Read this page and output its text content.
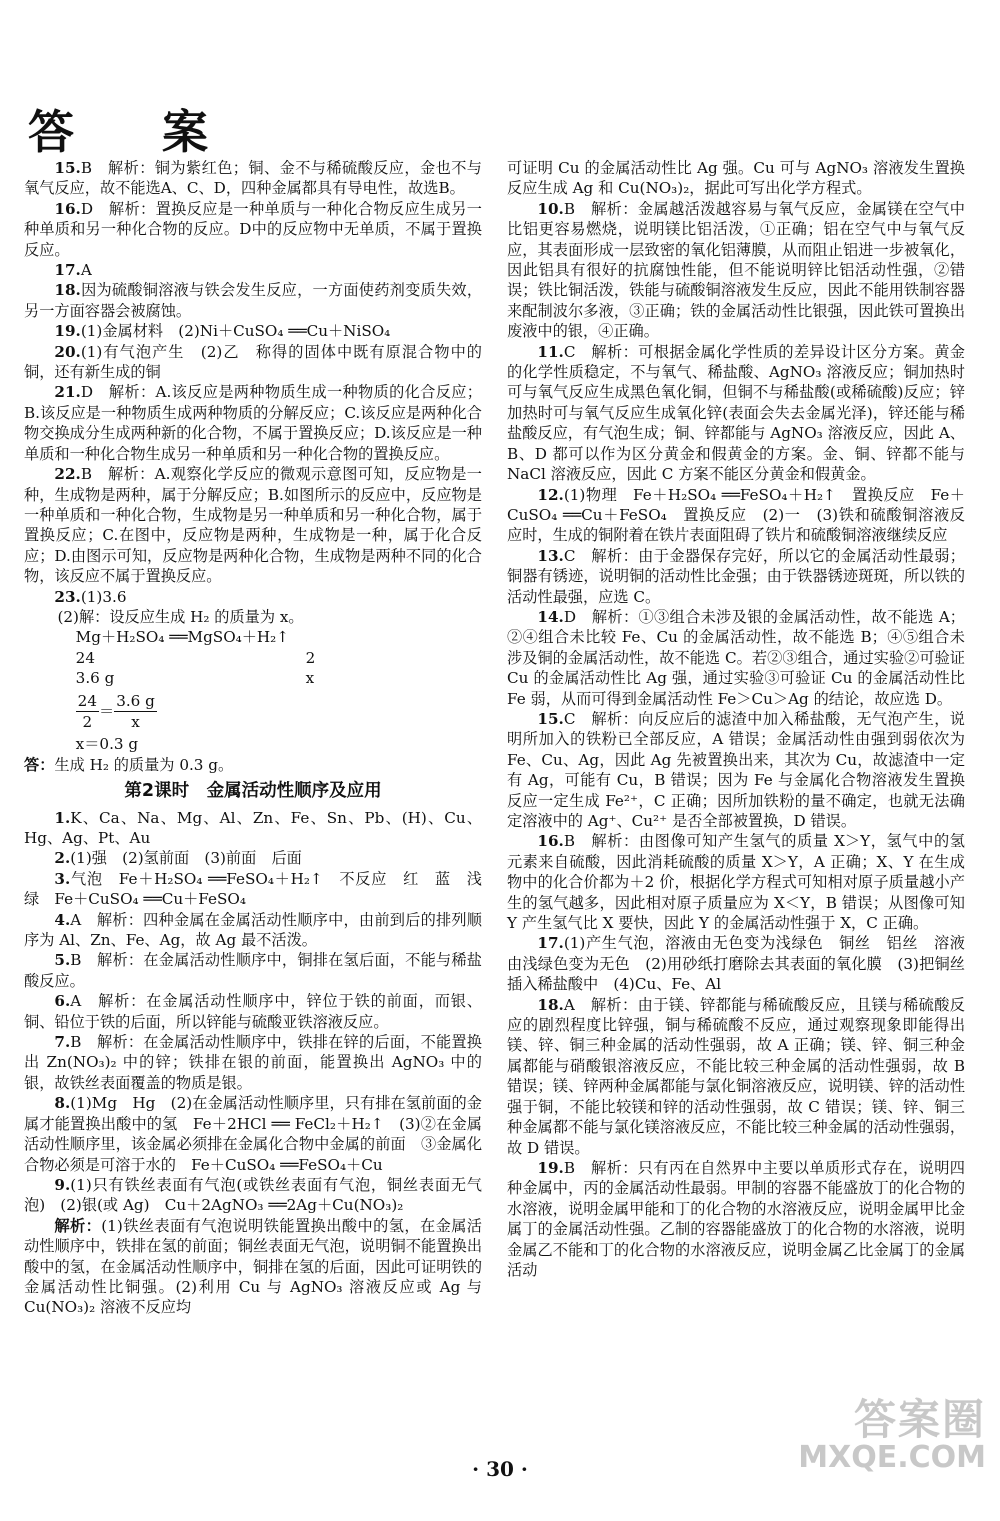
答 案

15.B　解析：铜为紫红色；铜、金不与稀硫酸反应，金也不与氧气反应，故不能选A、C、D，四种金属都具有导电性，故选B。

16.D　解析：置换反应是一种单质与一种化合物反应生成另一种单质和另一种化合物的反应。D中的反应物中无单质，不属于置换反应。

17.A

18.因为硫酸铜溶液与铁会发生反应，一方面使药剂变质失效，另一方面容器会被腐蚀。

19.(1)金属材料　(2)Ni＋CuSO₄ ══Cu＋NiSO₄

20.(1)有气泡产生　(2)乙　称得的固体中既有原混合物中的铜，还有新生成的铜

21.D　解析：A.该反应是两种物质生成一种物质的化合反应；B.该反应是一种物质生成两种物质的分解反应；C.该反应是两种化合物交换成分生成两种新的化合物，不属于置换反应；D.该反应是一种单质和一种化合物生成另一种单质和另一种化合物的置换反应。

22.B　解析：A.观察化学反应的微观示意图可知，反应物是一种，生成物是两种，属于分解反应；B.如图所示的反应中，反应物是一种单质和一种化合物，生成物是另一种单质和另一种化合物，属于置换反应；C.在图中，反应物是两种，生成物是一种，属于化合反应；D.由图示可知，反应物是两种化合物，生成物是两种不同的化合物，该反应不属于置换反应。

23.(1)3.6

(2)解：设反应生成 H₂ 的质量为 x。

Mg＋H₂SO₄ ══MgSO₄＋H₂↑
24	2
3.6 g	x
$\frac{24}{2} = \frac{3.6 g}{x}$
x＝0.3 g

答：生成 H₂ 的质量为 0.3 g。

第2课时　金属活动性顺序及应用

1.K、Ca、Na、Mg、Al、Zn、Fe、Sn、Pb、(H)、Cu、Hg、Ag、Pt、Au

2.(1)强　(2)氢前面　(3)前面　后面

3.气泡　Fe＋H₂SO₄ ══FeSO₄＋H₂↑　不反应　红　蓝　浅绿　Fe＋CuSO₄ ══Cu＋FeSO₄

4.A　解析：四种金属在金属活动性顺序中，由前到后的排列顺序为 Al、Zn、Fe、Ag，故 Ag 最不活泼。

5.B　解析：在金属活动性顺序中，铜排在氢后面，不能与稀盐酸反应。

6.A　解析：在金属活动性顺序中，锌位于铁的前面，而银、铜、铅位于铁的后面，所以锌能与硫酸亚铁溶液反应。

7.B　解析：在金属活动性顺序中，铁排在锌的后面，不能置换出 Zn(NO₃)₂ 中的锌；铁排在银的前面，能置换出 AgNO₃ 中的银，故铁丝表面覆盖的物质是银。

8.(1)Mg　Hg　(2)在金属活动性顺序里，只有排在氢前面的金属才能置换出酸中的氢　Fe＋2HCl ══ FeCl₂＋H₂↑　(3)②在金属活动性顺序里，该金属必须排在金属化合物中金属的前面　③金属化合物必须是可溶于水的　Fe＋CuSO₄ ══FeSO₄＋Cu

9.(1)只有铁丝表面有气泡(或铁丝表面有气泡，铜丝表面无气泡)　(2)银(或 Ag)　Cu＋2AgNO₃ ══2Ag＋Cu(NO₃)₂

解析：(1)铁丝表面有气泡说明铁能置换出酸中的氢，在金属活动性顺序中，铁排在氢的前面；铜丝表面无气泡，说明铜不能置换出酸中的氢，在金属活动性顺序中，铜排在氢的后面，因此可证明铁的金属活动性比铜强。(2)利用 Cu 与 AgNO₃ 溶液反应或 Ag 与 Cu(NO₃)₂ 溶液不反应均

可证明 Cu 的金属活动性比 Ag 强。Cu 可与 AgNO₃ 溶液发生置换反应生成 Ag 和 Cu(NO₃)₂，据此可写出化学方程式。

10.B　解析：金属越活泼越容易与氧气反应，金属镁在空气中比铝更容易燃烧，说明镁比铝活泼，①正确；铝在空气中与氧气反应，其表面形成一层致密的氧化铝薄膜，从而阻止铝进一步被氧化，因此铝具有很好的抗腐蚀性能，但不能说明锌比铝活动性强，②错误；铁比铜活泼，铁能与硫酸铜溶液发生反应，因此不能用铁制容器来配制波尔多液，③正确；铁的金属活动性比银强，因此铁可置换出废液中的银，④正确。

11.C　解析：可根据金属化学性质的差异设计区分方案。黄金的化学性质稳定，不与氧气、稀盐酸、AgNO₃ 溶液反应；铜加热时可与氧气反应生成黑色氧化铜，但铜不与稀盐酸(或稀硫酸)反应；锌加热时可与氧气反应生成氧化锌(表面会失去金属光泽)，锌还能与稀盐酸反应，有气泡生成；铜、锌都能与 AgNO₃ 溶液反应，因此 A、B、D 都可以作为区分黄金和假黄金的方案。金、铜、锌都不能与 NaCl 溶液反应，因此 C 方案不能区分黄金和假黄金。

12.(1)物理　Fe＋H₂SO₄ ══FeSO₄＋H₂↑　置换反应　Fe＋CuSO₄ ══Cu＋FeSO₄　置换反应　(2)一　(3)铁和硫酸铜溶液反应时，生成的铜附着在铁片表面阻碍了铁片和硫酸铜溶液继续反应

13.C　解析：由于金器保存完好，所以它的金属活动性最弱；铜器有锈迹，说明铜的活动性比金强；由于铁器锈迹斑斑，所以铁的活动性最强，应选 C。

14.D　解析：①③组合未涉及银的金属活动性，故不能选 A；②④组合未比较 Fe、Cu 的金属活动性，故不能选 B；④⑤组合未涉及铜的金属活动性，故不能选 C。若②③组合，通过实验②可验证 Cu 的金属活动性比 Ag 强，通过实验③可验证 Cu 的金属活动性比 Fe 弱，从而可得到金属活动性 Fe＞Cu＞Ag 的结论，故应选 D。

15.C　解析：向反应后的滤渣中加入稀盐酸，无气泡产生，说明所加入的铁粉已全部反应，A 错误；金属活动性由强到弱依次为 Fe、Cu、Ag，因此 Ag 先被置换出来，其次为 Cu，故滤渣中一定有 Ag，可能有 Cu，B 错误；因为 Fe 与金属化合物溶液发生置换反应一定生成 Fe²⁺，C 正确；因所加铁粉的量不确定，也就无法确定溶液中的 Ag⁺、Cu²⁺ 是否全部被置换，D 错误。

16.B　解析：由图像可知产生氢气的质量 X＞Y，氢气中的氢元素来自硫酸，因此消耗硫酸的质量 X＞Y，A 正确；X、Y 在生成物中的化合价都为＋2 价，根据化学方程式可知相对原子质量越小产生的氢气越多，因此相对原子质量应为 X＜Y，B 错误；从图像可知 Y 产生氢气比 X 要快，因此 Y 的金属活动性强于 X，C 正确。

17.(1)产生气泡，溶液由无色变为浅绿色　铜丝　铝丝　溶液由浅绿色变为无色　(2)用砂纸打磨除去其表面的氧化膜　(3)把铜丝插入稀盐酸中　(4)Cu、Fe、Al

18.A　解析：由于镁、锌都能与稀硫酸反应，且镁与稀硫酸反应的剧烈程度比锌强，铜与稀硫酸不反应，通过观察现象即能得出镁、锌、铜三种金属的活动性强弱，故 A 正确；镁、锌、铜三种金属都能与硝酸银溶液反应，不能比较三种金属的活动性强弱，故 B 错误；镁、锌两种金属都能与氯化铜溶液反应，说明镁、锌的活动性强于铜，不能比较镁和锌的活动性强弱，故 C 错误；镁、锌、铜三种金属都不能与氯化镁溶液反应，不能比较三种金属的活动性强弱，故 D 错误。

19.B　解析：只有丙在自然界中主要以单质形式存在，说明四种金属中，丙的金属活动性最弱。甲制的容器不能盛放丁的化合物的水溶液，说明金属甲能和丁的化合物的水溶液反应，说明金属甲比金属丁的金属活动性强。乙制的容器能盛放丁的化合物的水溶液，说明金属乙不能和丁的化合物的水溶液反应，说明金属乙比金属丁的金属活动

· 30 ·
答案圈
MXQE.COM
